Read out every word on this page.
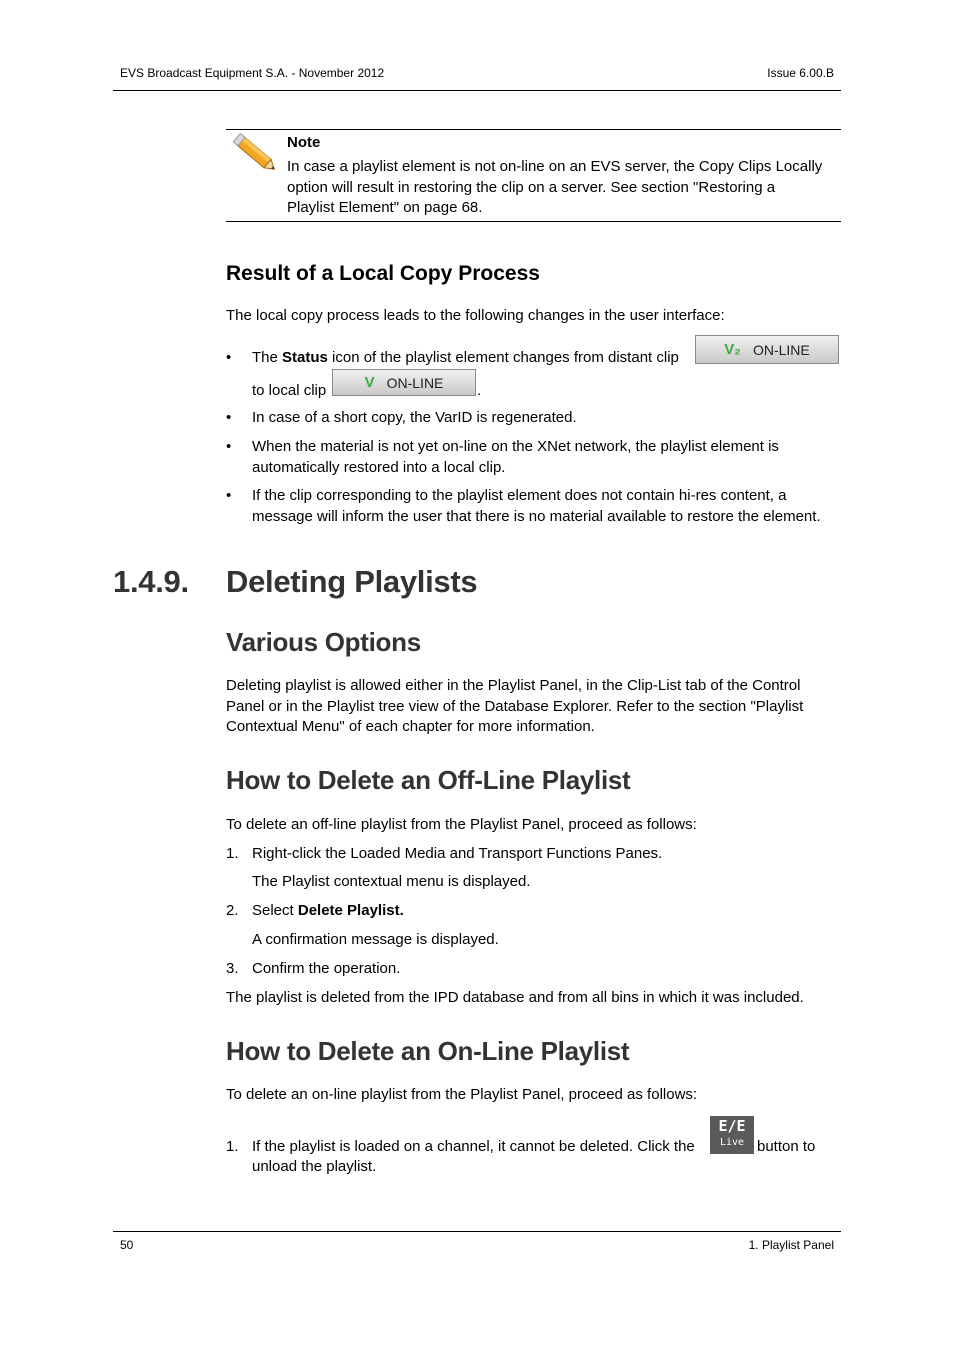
EVS Broadcast Equipment S.A. - November 2012	Issue 6.00.B
Note
In case a playlist element is not on-line on an EVS server, the Copy Clips Locally
option will result in restoring the clip on a server. See section "Restoring a
Playlist Element" on page 68.
Result of a Local Copy Process
The local copy process leads to the following changes in the user interface:
• The Status icon of the playlist element changes from distant clip	V₂ ON-LINE
to local clip	V ON-LINE .
• In case of a short copy, the VarID is regenerated.
• When the material is not yet on-line on the XNet network, the playlist element is
automatically restored into a local clip.
• If the clip corresponding to the playlist element does not contain hi-res content, a
message will inform the user that there is no material available to restore the element.
1.4.9. Deleting Playlists
Various Options
Deleting playlist is allowed either in the Playlist Panel, in the Clip-List tab of the Control
Panel or in the Playlist tree view of the Database Explorer. Refer to the section "Playlist
Contextual Menu" of each chapter for more information.
How to Delete an Off-Line Playlist
To delete an off-line playlist from the Playlist Panel, proceed as follows:
1. Right-click the Loaded Media and Transport Functions Panes.
The Playlist contextual menu is displayed.
2. Select Delete Playlist.
A confirmation message is displayed.
3. Confirm the operation.
The playlist is deleted from the IPD database and from all bins in which it was included.
How to Delete an On-Line Playlist
To delete an on-line playlist from the Playlist Panel, proceed as follows:
1. If the playlist is loaded on a channel, it cannot be deleted. Click the
E/E
Live button to
unload the playlist.
50	1. Playlist Panel
